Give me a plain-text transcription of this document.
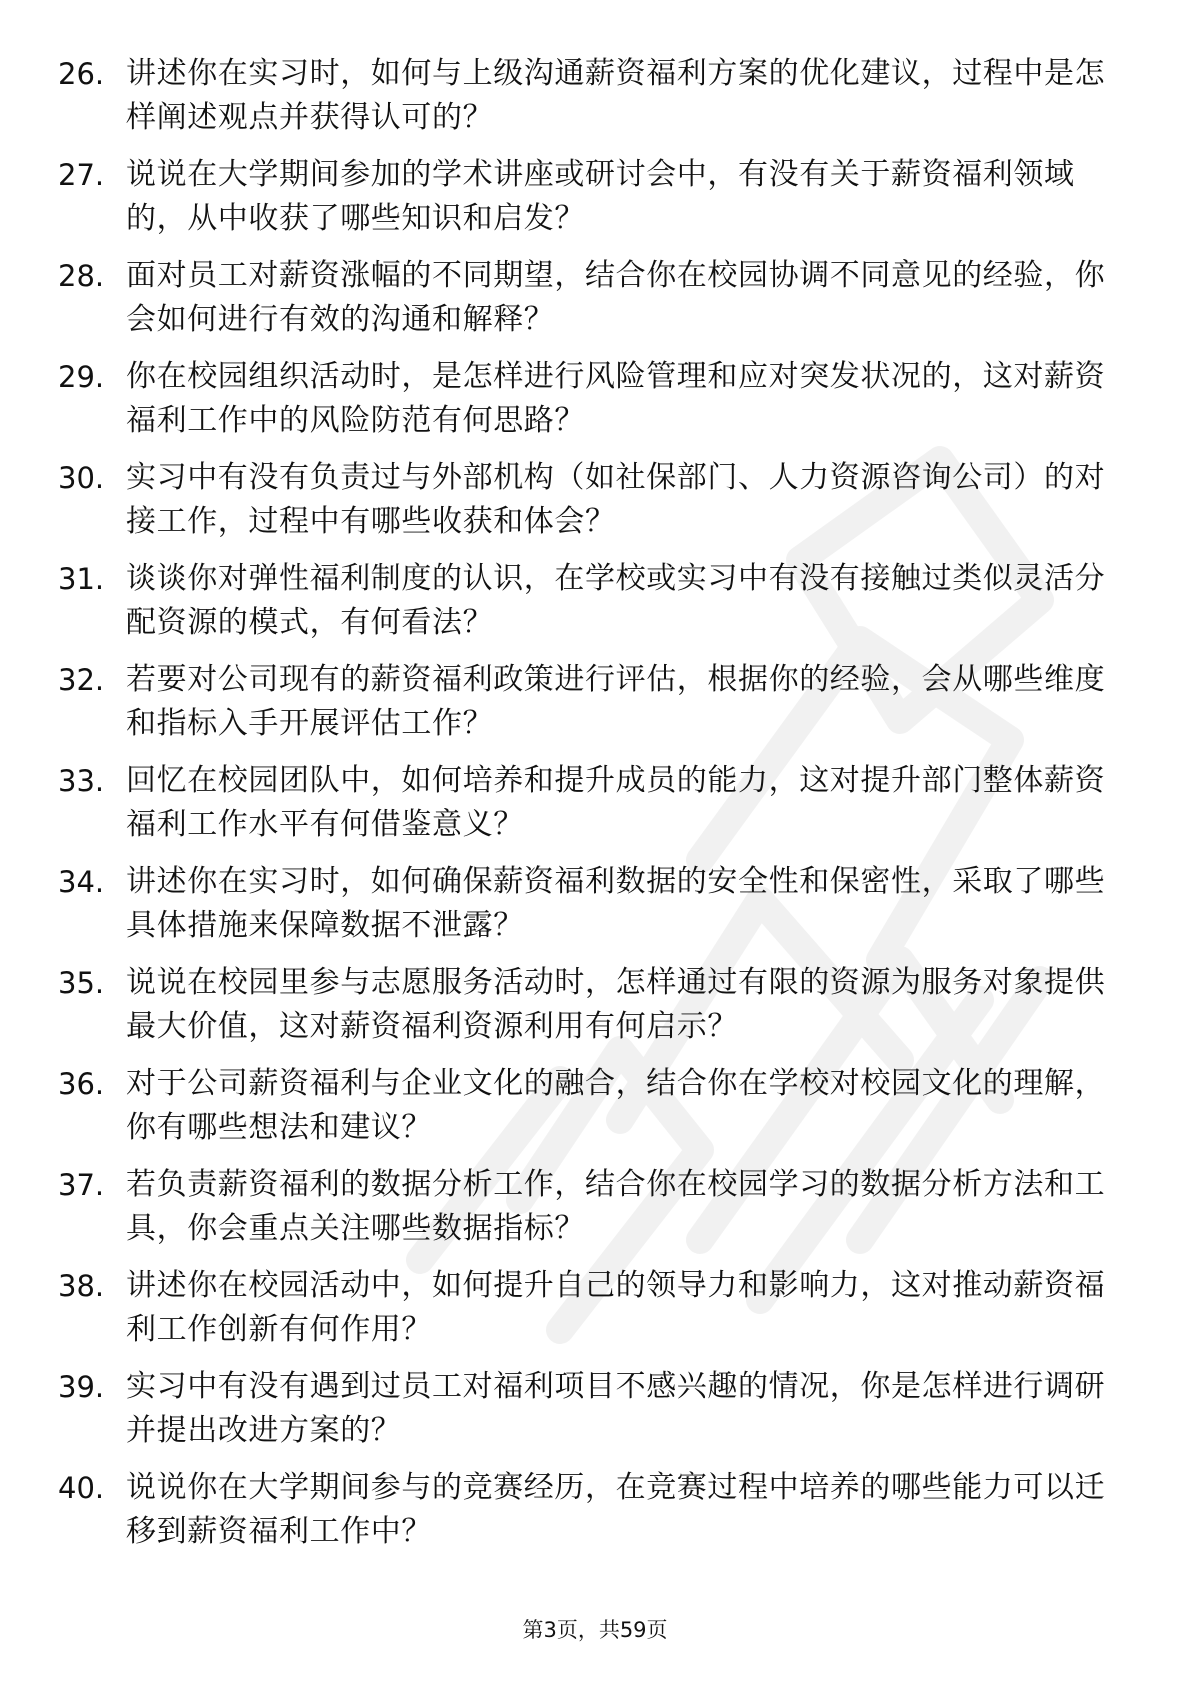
26. 讲述你在实习时，如何与上级沟通薪资福利方案的优化建议，过程中是怎样阐述观点并获得认可的？
27. 说说在大学期间参加的学术讲座或研讨会中，有没有关于薪资福利领域的，从中收获了哪些知识和启发？
28. 面对员工对薪资涨幅的不同期望，结合你在校园协调不同意见的经验，你会如何进行有效的沟通和解释？
29. 你在校园组织活动时，是怎样进行风险管理和应对突发状况的，这对薪资福利工作中的风险防范有何思路？
30. 实习中有没有负责过与外部机构（如社保部门、人力资源咨询公司）的对接工作，过程中有哪些收获和体会？
31. 谈谈你对弹性福利制度的认识，在学校或实习中有没有接触过类似灵活分配资源的模式，有何看法？
32. 若要对公司现有的薪资福利政策进行评估，根据你的经验，会从哪些维度和指标入手开展评估工作？
33. 回忆在校园团队中，如何培养和提升成员的能力，这对提升部门整体薪资福利工作水平有何借鉴意义？
34. 讲述你在实习时，如何确保薪资福利数据的安全性和保密性，采取了哪些具体措施来保障数据不泄露？
35. 说说在校园里参与志愿服务活动时，怎样通过有限的资源为服务对象提供最大价值，这对薪资福利资源利用有何启示？
36. 对于公司薪资福利与企业文化的融合，结合你在学校对校园文化的理解，你有哪些想法和建议？
37. 若负责薪资福利的数据分析工作，结合你在校园学习的数据分析方法和工具，你会重点关注哪些数据指标？
38. 讲述你在校园活动中，如何提升自己的领导力和影响力，这对推动薪资福利工作创新有何作用？
39. 实习中有没有遇到过员工对福利项目不感兴趣的情况，你是怎样进行调研并提出改进方案的？
40. 说说你在大学期间参与的竞赛经历，在竞赛过程中培养的哪些能力可以迁移到薪资福利工作中？
第3页，共59页
